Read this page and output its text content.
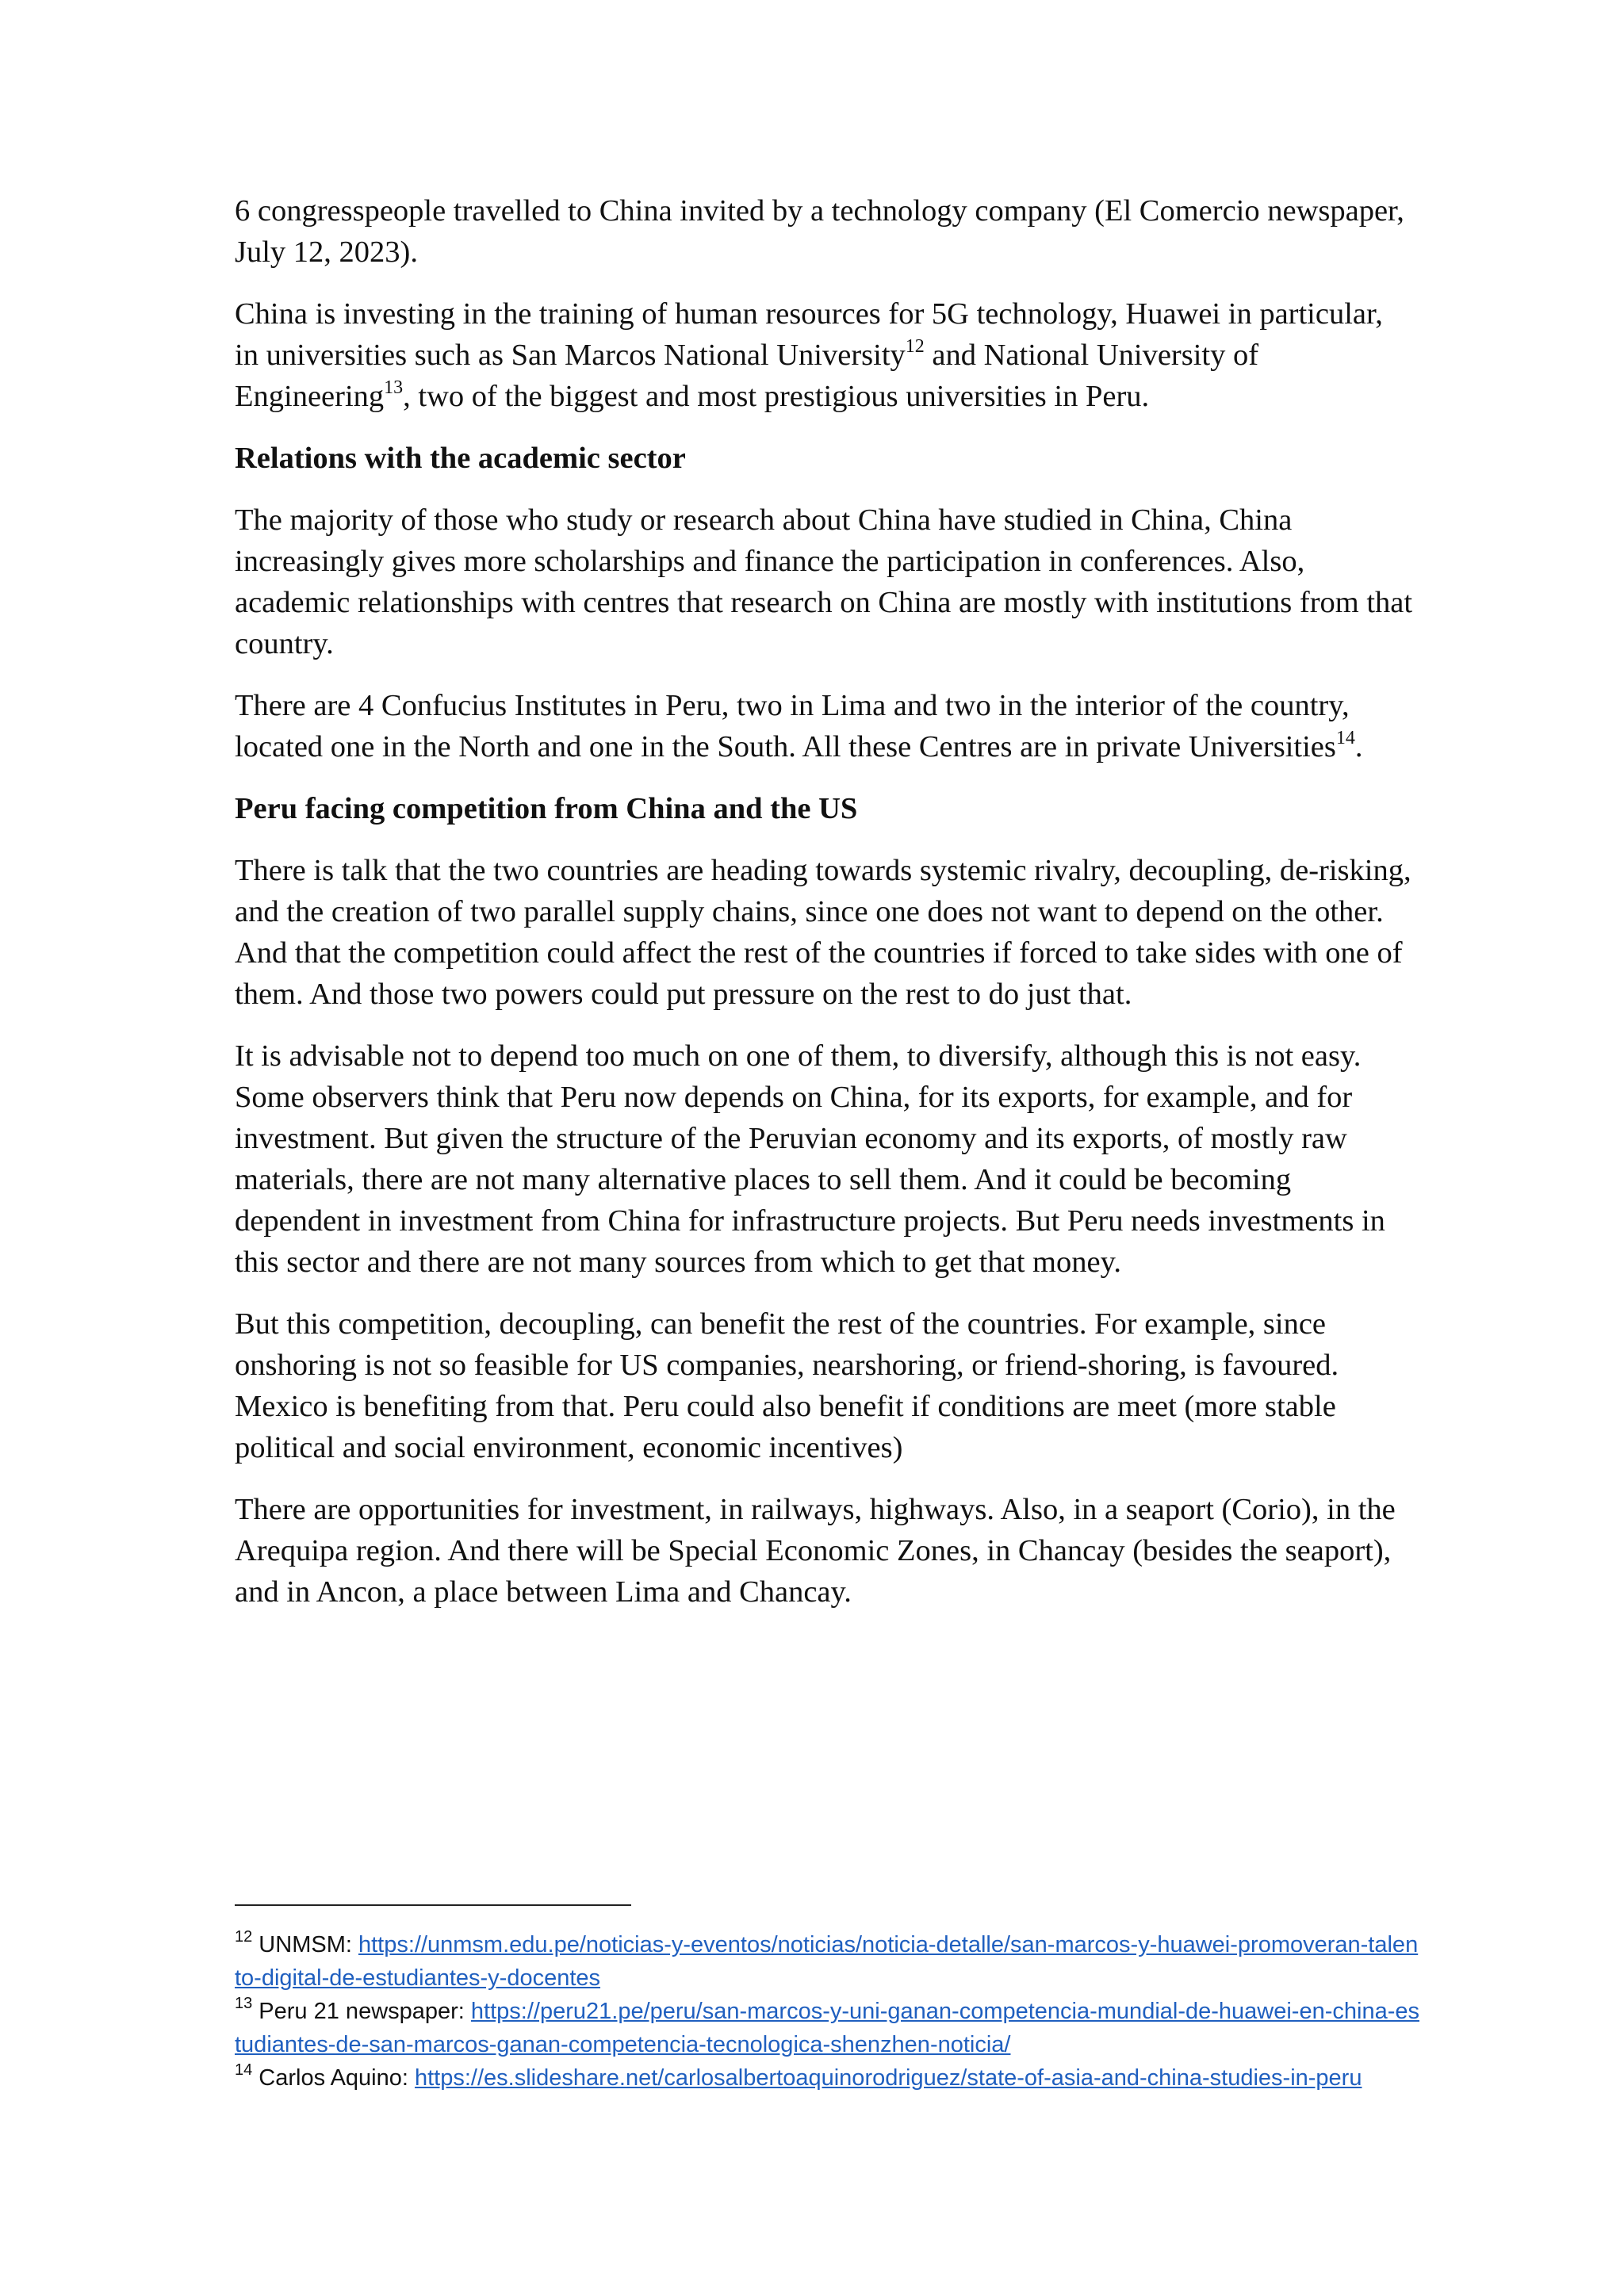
6 congresspeople travelled to China invited by a technology company (El Comercio newspaper, July 12, 2023).

China is investing in the training of human resources for 5G technology, Huawei in particular, in universities such as San Marcos National University$^{12}$ and National University of Engineering$^{13}$, two of the biggest and most prestigious universities in Peru.

Relations with the academic sector

The majority of those who study or research about China have studied in China, China increasingly gives more scholarships and finance the participation in conferences. Also, academic relationships with centres that research on China are mostly with institutions from that country.

There are 4 Confucius Institutes in Peru, two in Lima and two in the interior of the country, located one in the North and one in the South. All these Centres are in private Universities$^{14}$.

Peru facing competition from China and the US

There is talk that the two countries are heading towards systemic rivalry, decoupling, de-risking, and the creation of two parallel supply chains, since one does not want to depend on the other. And that the competition could affect the rest of the countries if forced to take sides with one of them. And those two powers could put pressure on the rest to do just that.

It is advisable not to depend too much on one of them, to diversify, although this is not easy. Some observers think that Peru now depends on China, for its exports, for example, and for investment. But given the structure of the Peruvian economy and its exports, of mostly raw materials, there are not many alternative places to sell them. And it could be becoming dependent in investment from China for infrastructure projects. But Peru needs investments in this sector and there are not many sources from which to get that money.

But this competition, decoupling, can benefit the rest of the countries. For example, since onshoring is not so feasible for US companies, nearshoring, or friend-shoring, is favoured. Mexico is benefiting from that. Peru could also benefit if conditions are meet (more stable political and social environment, economic incentives)

There are opportunities for investment, in railways, highways. Also, in a seaport (Corio), in the Arequipa region. And there will be Special Economic Zones, in Chancay (besides the seaport), and in Ancon, a place between Lima and Chancay.

$^{12}$ UNMSM: https://unmsm.edu.pe/noticias-y-eventos/noticias/noticia-detalle/san-marcos-y-huawei-promoveran-talento-digital-de-estudiantes-y-docentes

$^{13}$ Peru 21 newspaper: https://peru21.pe/peru/san-marcos-y-uni-ganan-competencia-mundial-de-huawei-en-china-estudiantes-de-san-marcos-ganan-competencia-tecnologica-shenzhen-noticia/

$^{14}$ Carlos Aquino: https://es.slideshare.net/carlosalbertoaquinorodriguez/state-of-asia-and-china-studies-in-peru
